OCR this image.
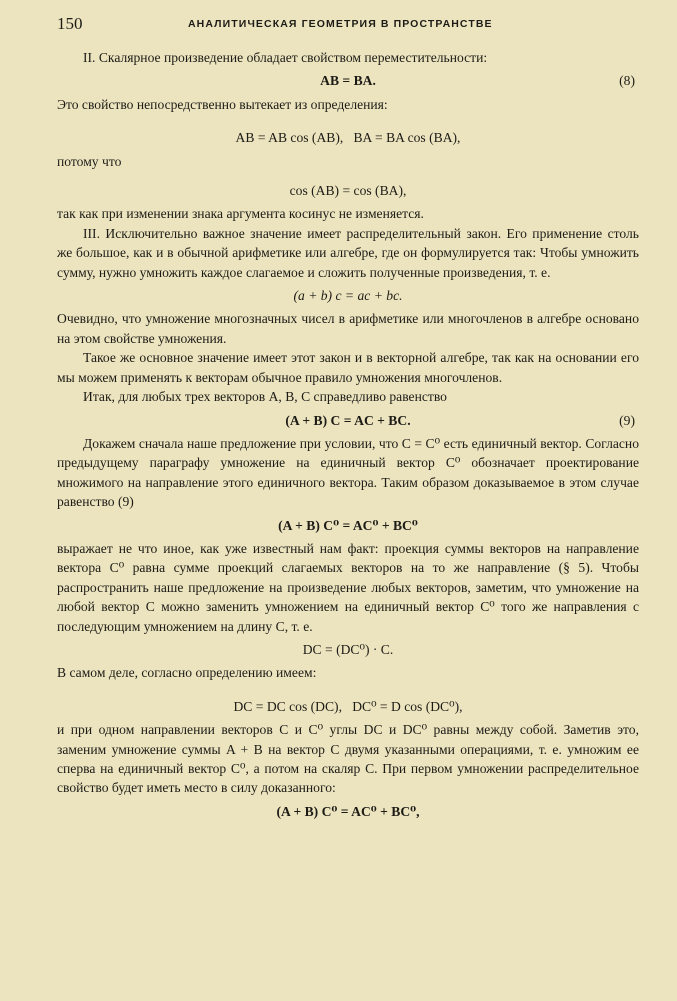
150	АНАЛИТИЧЕСКАЯ ГЕОМЕТРИЯ В ПРОСТРАНСТВЕ

II. Скалярное произведение обладает свойством переместительности:

AB = BA.	(8)

Это свойство непосредственно вытекает из определения:

AB = AB cos (AB), BA = BA cos (BA),

потому что

cos (AB) = cos (BA),

так как при изменении знака аргумента косинус не изменяется.

III. Исключительно важное значение имеет распределительный закон. Его применение столь же большое, как и в обычной арифметике или алгебре, где он формулируется так: Чтобы умножить сумму, нужно умножить каждое слагаемое и сложить полученные произведения, т. е.

(a + b) c = ac + bc.

Очевидно, что умножение многозначных чисел в арифметике или многочленов в алгебре основано на этом свойстве умножения.

Такое же основное значение имеет этот закон и в векторной алгебре, так как на основании его мы можем применять к векторам обычное правило умножения многочленов.

Итак, для любых трех векторов A, B, C справедливо равенство

(A + B) C = AC + BC.	(9)

Докажем сначала наше предложение при условии, что C = C⁰ есть единичный вектор. Согласно предыдущему параграфу умножение на единичный вектор C⁰ обозначает проектирование множимого на направление этого единичного вектора. Таким образом доказываемое в этом случае равенство (9)

(A + B) C⁰ = AC⁰ + BC⁰

выражает не что иное, как уже известный нам факт: проекция суммы векторов на направление вектора C⁰ равна сумме проекций слагаемых векторов на то же направление (§ 5). Чтобы распространить наше предложение на произведение любых векторов, заметим, что умножение на любой вектор C можно заменить умножением на единичный вектор C⁰ того же направления с последующим умножением на длину C, т. е.

DC = (DC⁰) · C.

В самом деле, согласно определению имеем:

DC = DC cos (DC), DC⁰ = D cos (DC⁰),

и при одном направлении векторов C и C⁰ углы DC и DC⁰ равны между собой. Заметив это, заменим умножение суммы A + B на вектор C двумя указанными операциями, т. е. умножим ее сперва на единичный вектор C⁰, а потом на скаляр C. При первом умножении распределительное свойство будет иметь место в силу доказанного:

(A + B) C⁰ = AC⁰ + BC⁰,
